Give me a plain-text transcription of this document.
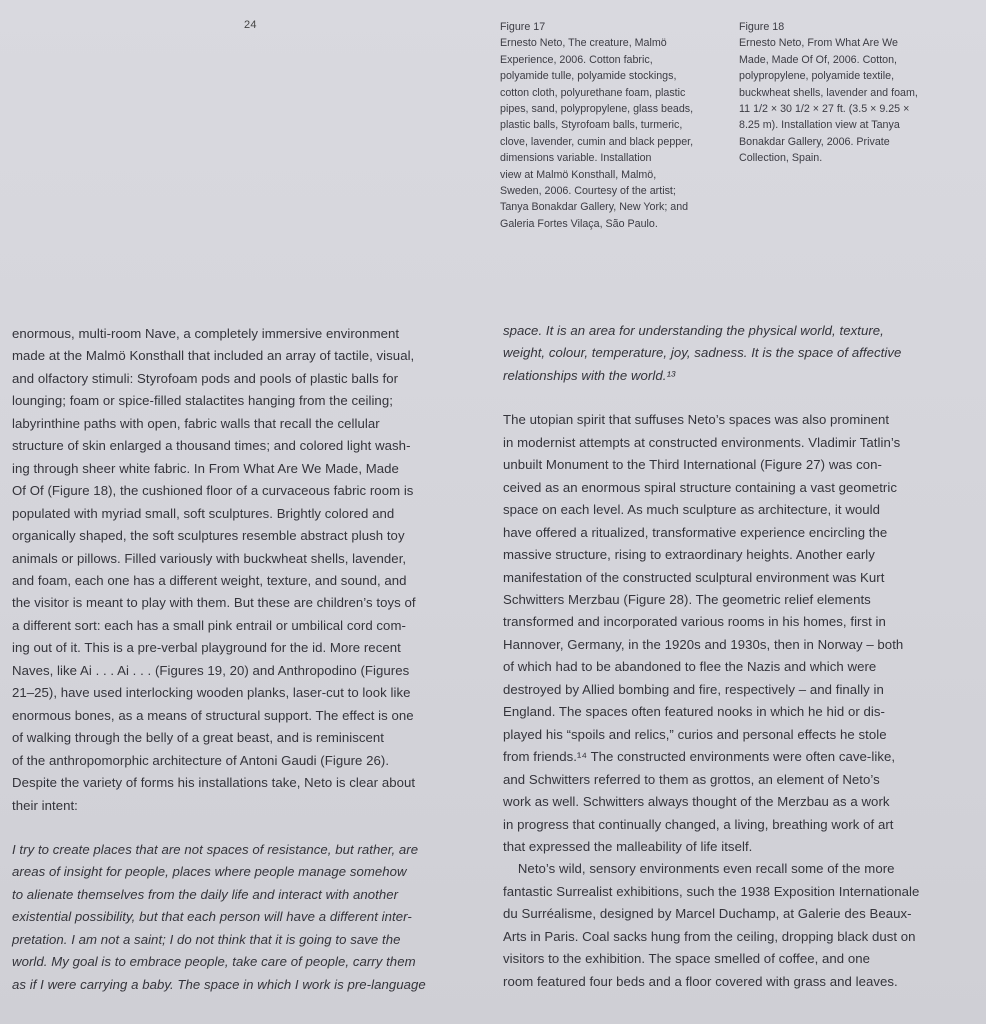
24	Figure 17
Ernesto Neto, The creature, Malmö
Experience, 2006. Cotton fabric,
polyamide tulle, polyamide stockings,
cotton cloth, polyurethane foam, plastic
pipes, sand, polypropylene, glass beads,
plastic balls, Styrofoam balls, turmeric,
clove, lavender, cumin and black pepper,
dimensions variable. Installation
view at Malmö Konsthall, Malmö,
Sweden, 2006. Courtesy of the artist;
Tanya Bonakdar Gallery, New York; and
Galeria Fortes Vilaça, São Paulo.
Figure 18
Ernesto Neto, From What Are We
Made, Made Of Of, 2006. Cotton,
polypropylene, polyamide textile,
buckwheat shells, lavender and foam,
11 1/2 × 30 1/2 × 27 ft. (3.5 × 9.25 ×
8.25 m). Installation view at Tanya
Bonakdar Gallery, 2006. Private
Collection, Spain.

enormous, multi-room Nave, a completely immersive environment
made at the Malmö Konsthall that included an array of tactile, visual,
and olfactory stimuli: Styrofoam pods and pools of plastic balls for
lounging; foam or spice-filled stalactites hanging from the ceiling;
labyrinthine paths with open, fabric walls that recall the cellular
structure of skin enlarged a thousand times; and colored light wash-
ing through sheer white fabric. In From What Are We Made, Made
Of Of (Figure 18), the cushioned floor of a curvaceous fabric room is
populated with myriad small, soft sculptures. Brightly colored and
organically shaped, the soft sculptures resemble abstract plush toy
animals or pillows. Filled variously with buckwheat shells, lavender,
and foam, each one has a different weight, texture, and sound, and
the visitor is meant to play with them. But these are children’s toys of
a different sort: each has a small pink entrail or umbilical cord com-
ing out of it. This is a pre-verbal playground for the id. More recent
Naves, like Ai . . . Ai . . . (Figures 19, 20) and Anthropodino (Figures
21–25), have used interlocking wooden planks, laser-cut to look like
enormous bones, as a means of structural support. The effect is one
of walking through the belly of a great beast, and is reminiscent
of the anthropomorphic architecture of Antoni Gaudi (Figure 26).
Despite the variety of forms his installations take, Neto is clear about
their intent:

I try to create places that are not spaces of resistance, but rather, are
areas of insight for people, places where people manage somehow
to alienate themselves from the daily life and interact with another
existential possibility, but that each person will have a different inter-
pretation. I am not a saint; I do not think that it is going to save the
world. My goal is to embrace people, take care of people, carry them
as if I were carrying a baby. The space in which I work is pre-language

space. It is an area for understanding the physical world, texture,
weight, colour, temperature, joy, sadness. It is the space of affective
relationships with the world.¹³

The utopian spirit that suffuses Neto’s spaces was also prominent
in modernist attempts at constructed environments. Vladimir Tatlin’s
unbuilt Monument to the Third International (Figure 27) was con-
ceived as an enormous spiral structure containing a vast geometric
space on each level. As much sculpture as architecture, it would
have offered a ritualized, transformative experience encircling the
massive structure, rising to extraordinary heights. Another early
manifestation of the constructed sculptural environment was Kurt
Schwitters Merzbau (Figure 28). The geometric relief elements
transformed and incorporated various rooms in his homes, first in
Hannover, Germany, in the 1920s and 1930s, then in Norway – both
of which had to be abandoned to flee the Nazis and which were
destroyed by Allied bombing and fire, respectively – and finally in
England. The spaces often featured nooks in which he hid or dis-
played his “spoils and relics,” curios and personal effects he stole
from friends.¹⁴ The constructed environments were often cave-like,
and Schwitters referred to them as grottos, an element of Neto’s
work as well. Schwitters always thought of the Merzbau as a work
in progress that continually changed, a living, breathing work of art
that expressed the malleability of life itself.

Neto’s wild, sensory environments even recall some of the more
fantastic Surrealist exhibitions, such the 1938 Exposition Internationale
du Surréalisme, designed by Marcel Duchamp, at Galerie des Beaux-
Arts in Paris. Coal sacks hung from the ceiling, dropping black dust on
visitors to the exhibition. The space smelled of coffee, and one
room featured four beds and a floor covered with grass and leaves.
